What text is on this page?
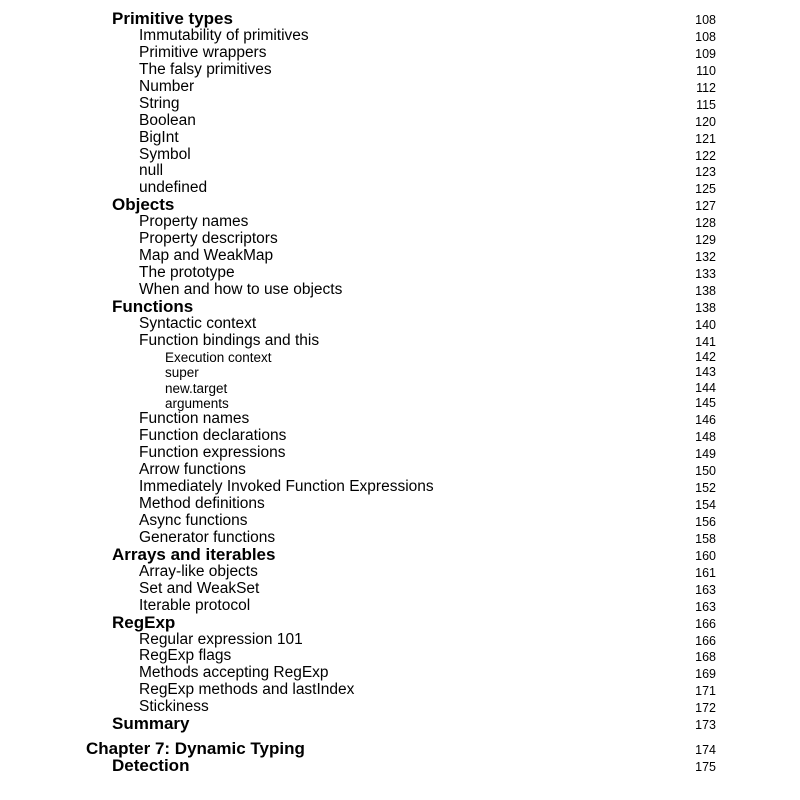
Primitive types	108
Immutability of primitives	108
Primitive wrappers	109
The falsy primitives	110
Number	112
String	115
Boolean	120
BigInt	121
Symbol	122
null	123
undefined	125
Objects	127
Property names	128
Property descriptors	129
Map and WeakMap	132
The prototype	133
When and how to use objects	138
Functions	138
Syntactic context	140
Function bindings and this	141
Execution context	142
super	143
new.target	144
arguments	145
Function names	146
Function declarations	148
Function expressions	149
Arrow functions	150
Immediately Invoked Function Expressions	152
Method definitions	154
Async functions	156
Generator functions	158
Arrays and iterables	160
Array-like objects	161
Set and WeakSet	163
Iterable protocol	163
RegExp	166
Regular expression 101	166
RegExp flags	168
Methods accepting RegExp	169
RegExp methods and lastIndex	171
Stickiness	172
Summary	173
Chapter 7: Dynamic Typing	174
Detection	175
